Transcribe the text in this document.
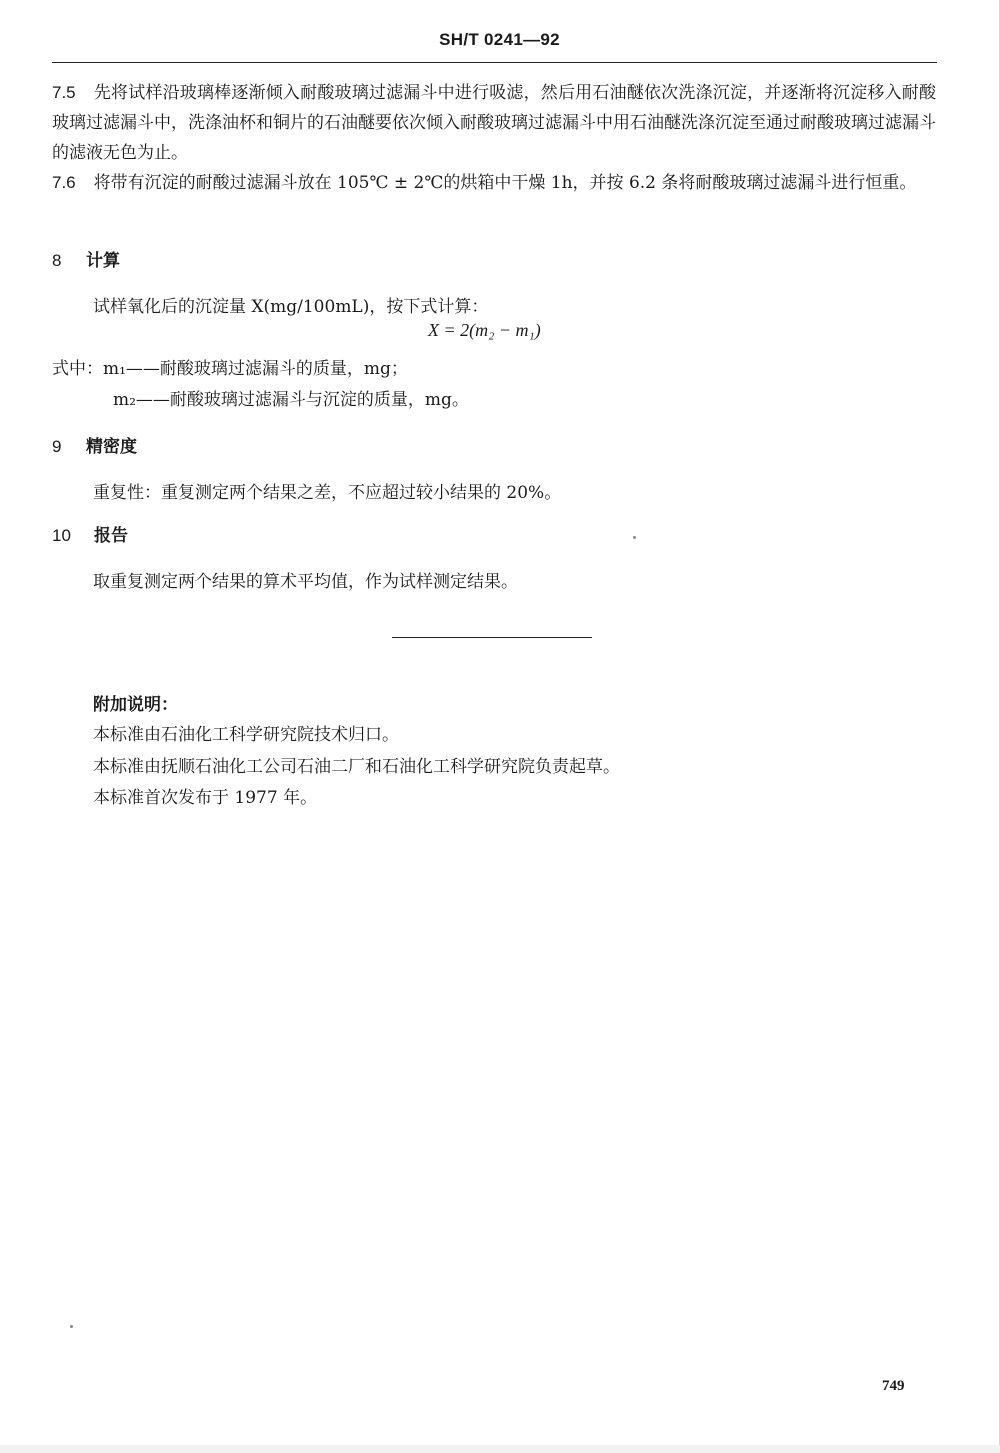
SH/T 0241—92
7.5 先将试样沿玻璃棒逐渐倾入耐酸玻璃过滤漏斗中进行吸滤，然后用石油醚依次洗涤沉淀，并逐渐将沉淀移入耐酸玻璃过滤漏斗中，洗涤油杯和铜片的石油醚要依次倾入耐酸玻璃过滤漏斗中用石油醚洗涤沉淀至通过耐酸玻璃过滤漏斗的滤液无色为止。
7.6 将带有沉淀的耐酸过滤漏斗放在 105℃ ± 2℃的烘箱中干燥 1h，并按 6.2 条将耐酸玻璃过滤漏斗进行恒重。
8 计算
试样氧化后的沉淀量 X(mg/100mL)，按下式计算：
X = 2(m₂ − m₁)
式中：m₁——耐酸玻璃过滤漏斗的质量，mg；
m₂——耐酸玻璃过滤漏斗与沉淀的质量，mg。
9 精密度
重复性：重复测定两个结果之差，不应超过较小结果的 20%。
10 报告
取重复测定两个结果的算术平均值，作为试样测定结果。
附加说明：
本标准由石油化工科学研究院技术归口。
本标准由抚顺石油化工公司石油二厂和石油化工科学研究院负责起草。
本标准首次发布于 1977 年。
749
